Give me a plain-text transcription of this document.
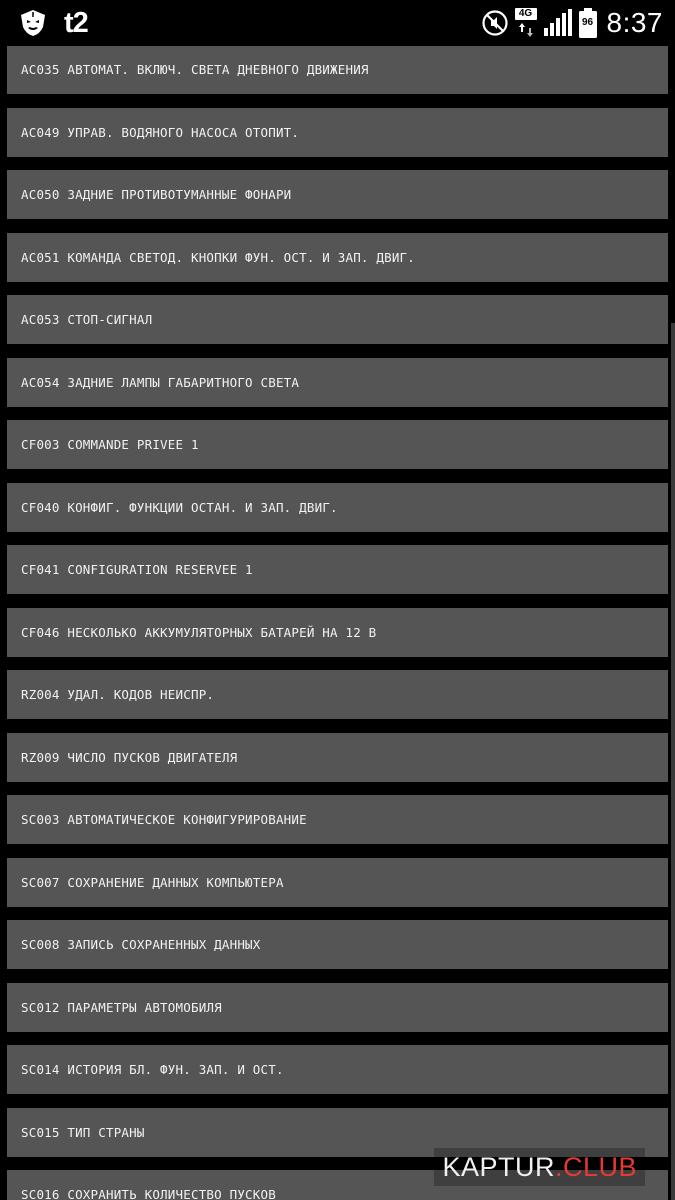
AC035 АВТОМАТ. ВКЛЮЧ. СВЕТА ДНЕВНОГО ДВИЖЕНИЯ
AC049 УПРАВ. ВОДЯНОГО НАСОСА ОТОПИТ.
AC050 ЗАДНИЕ ПРОТИВОТУМАННЫЕ ФОНАРИ
AC051 КОМАНДА СВЕТОД. КНОПКИ ФУН. ОСТ. И ЗАП. ДВИГ.
AC053 СТОП-СИГНАЛ
AC054 ЗАДНИЕ ЛАМПЫ ГАБАРИТНОГО СВЕТА
CF003 COMMANDE PRIVEE 1
CF040 КОНФИГ. ФУНКЦИИ ОСТАН. И ЗАП. ДВИГ.
CF041 CONFIGURATION RESERVEE 1
CF046 НЕСКОЛЬКО АККУМУЛЯТОРНЫХ БАТАРЕЙ НА 12 В
RZ004 УДАЛ. КОДОВ НЕИСПР.
RZ009 ЧИСЛО ПУСКОВ ДВИГАТЕЛЯ
SC003 АВТОМАТИЧЕСКОЕ КОНФИГУРИРОВАНИЕ
SC007 СОХРАНЕНИЕ ДАННЫХ КОМПЬЮТЕРА
SC008 ЗАПИСЬ СОХРАНЕННЫХ ДАННЫХ
SC012 ПАРАМЕТРЫ АВТОМОБИЛЯ
SC014 ИСТОРИЯ БЛ. ФУН. ЗАП. И ОСТ.
SC015 ТИП СТРАНЫ
SC016 СОХРАНИТЬ КОЛИЧЕСТВО ПУСКОВ
t2	4G
96 8:37
KAPTUR.CLUB
